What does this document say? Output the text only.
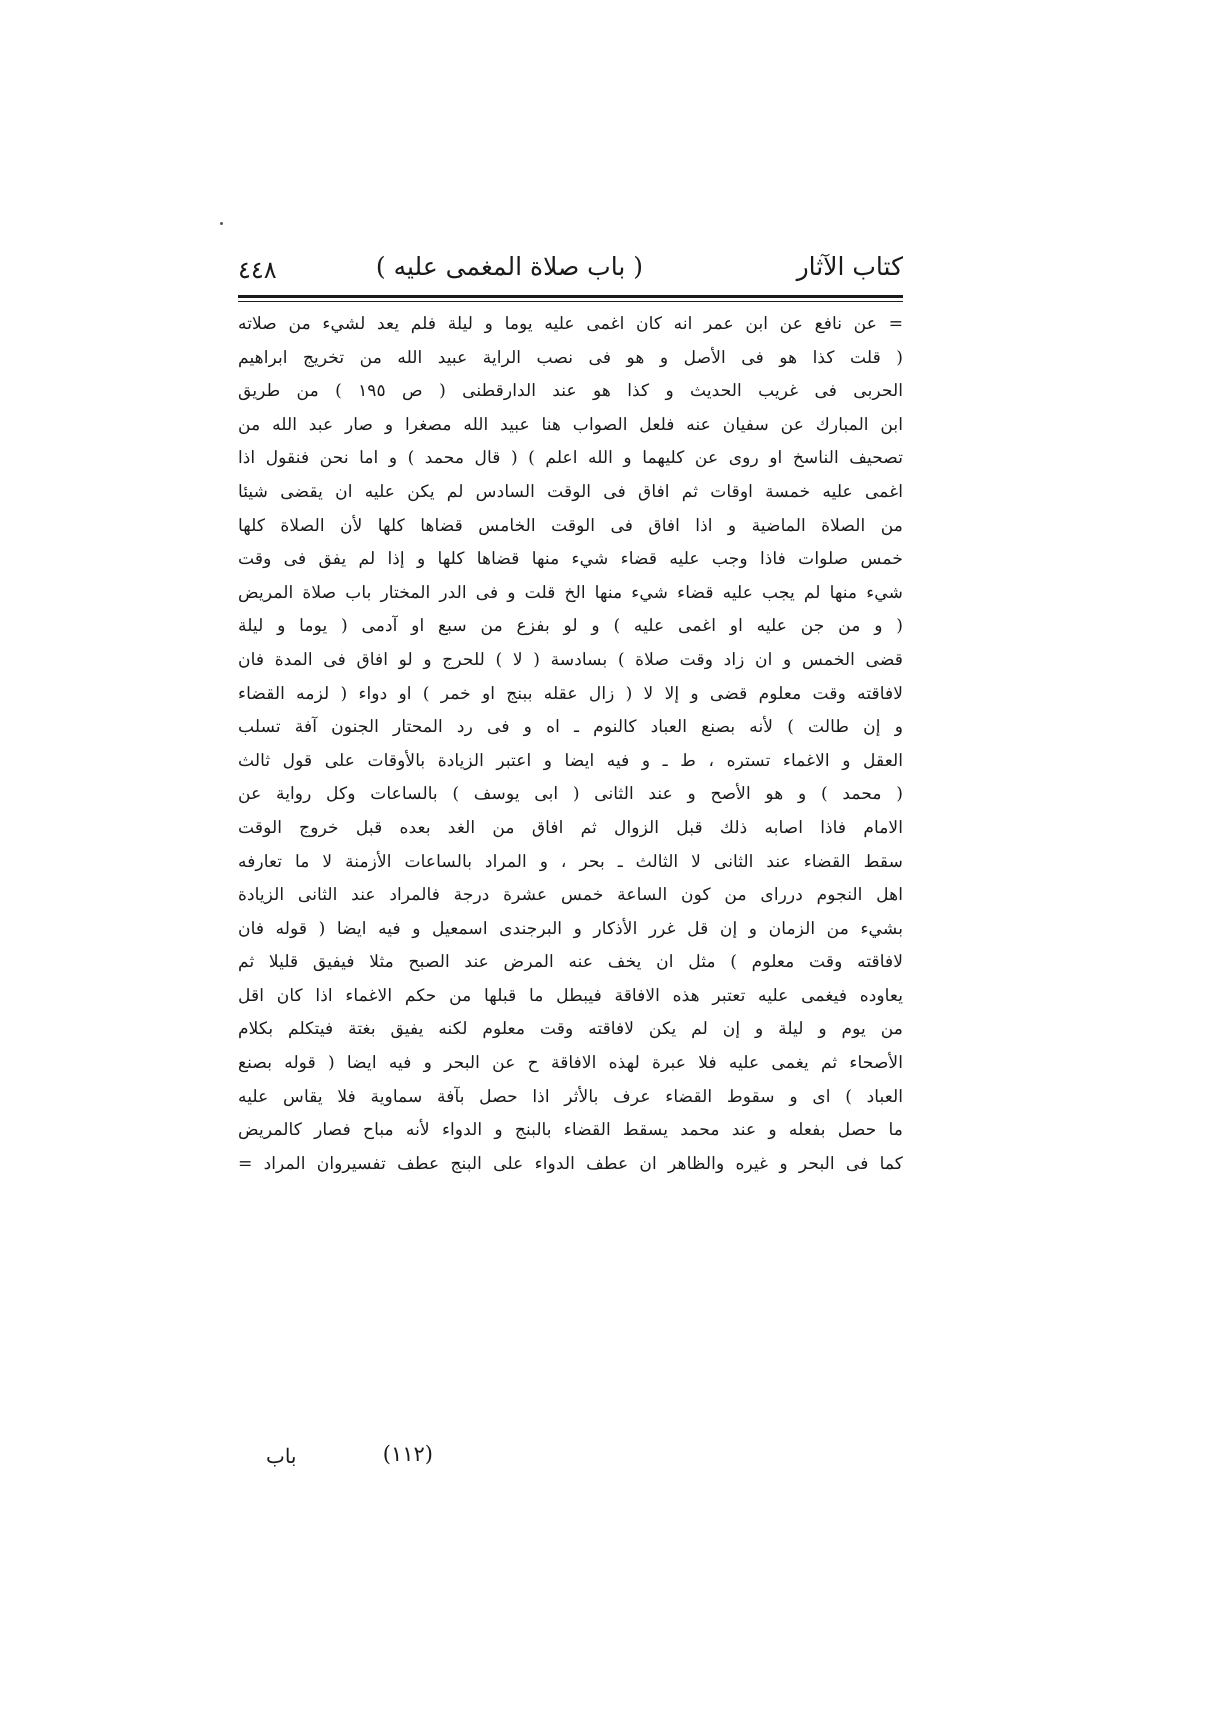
كتاب الآثار
( باب صلاة المغمى عليه )
٤٤٨
= عن نافع عن ابن عمر انه كان اغمى عليه يوما و ليلة فلم يعد لشيء من صلاته
( قلت كذا هو فى الأصل و هو فى نصب الراية عبيد الله من تخريج ابراهيم
الحربى فى غريب الحديث و كذا هو عند الدارقطنى ( ص ١٩٥ ) من طريق
ابن المبارك عن سفيان عنه فلعل الصواب هنا عبيد الله مصغرا و صار عبد الله من
تصحيف الناسخ او روى عن كليهما و الله اعلم ) ( قال محمد ) و اما نحن فنقول اذا
اغمى عليه خمسة اوقات ثم افاق فى الوقت السادس لم يكن عليه ان يقضى شيئا
من الصلاة الماضية و اذا افاق فى الوقت الخامس قضاها كلها لأن الصلاة كلها
خمس صلوات فاذا وجب عليه قضاء شيء منها قضاها كلها و إذا لم يفق فى وقت
شيء منها لم يجب عليه قضاء شيء منها الخ قلت و فى الدر المختار باب صلاة المريض
( و من جن عليه او اغمى عليه ) و لو بفزع من سبع او آدمى ( يوما و ليلة
قضى الخمس و ان زاد وقت صلاة ) بسادسة ( لا ) للحرج و لو افاق فى المدة فان
لافاقته وقت معلوم قضى و إلا لا ( زال عقله ببنج او خمر ) او دواء ( لزمه القضاء
و إن طالت ) لأنه بصنع العباد كالنوم ـ اه و فى رد المحتار الجنون آفة تسلب
العقل و الاغماء تستره ، ط ـ و فيه ايضا و اعتبر الزيادة بالأوقات على قول ثالث
( محمد ) و هو الأصح و عند الثانى ( ابى يوسف ) بالساعات وكل رواية عن
الامام فاذا اصابه ذلك قبل الزوال ثم افاق من الغد بعده قبل خروج الوقت
سقط القضاء عند الثانى لا الثالث ـ بحر ، و المراد بالساعات الأزمنة لا ما تعارفه
اهل النجوم دررای من كون الساعة خمس عشرة درجة فالمراد عند الثانى الزيادة
بشيء من الزمان و إن قل غرر الأذكار و البرجندى اسمعيل و فيه ايضا ( قوله فان
لافاقته وقت معلوم ) مثل ان يخف عنه المرض عند الصبح مثلا فيفيق قليلا ثم
يعاوده فيغمى عليه تعتبر هذه الافاقة فيبطل ما قبلها من حكم الاغماء اذا كان اقل
من يوم و ليلة و إن لم يكن لافاقته وقت معلوم لكنه يفيق بغتة فيتكلم بكلام
الأصحاء ثم يغمى عليه فلا عبرة لهذه الافاقة ح عن البحر و فيه ايضا ( قوله بصنع
العباد ) اى و سقوط القضاء عرف بالأثر اذا حصل بآفة سماوية فلا يقاس عليه
ما حصل بفعله و عند محمد يسقط القضاء بالبنج و الدواء لأنه مباح فصار كالمريض
كما فى البحر و غيره والظاهر ان عطف الدواء على البنج عطف تفسيروان المراد =
(١١٢)
باب
